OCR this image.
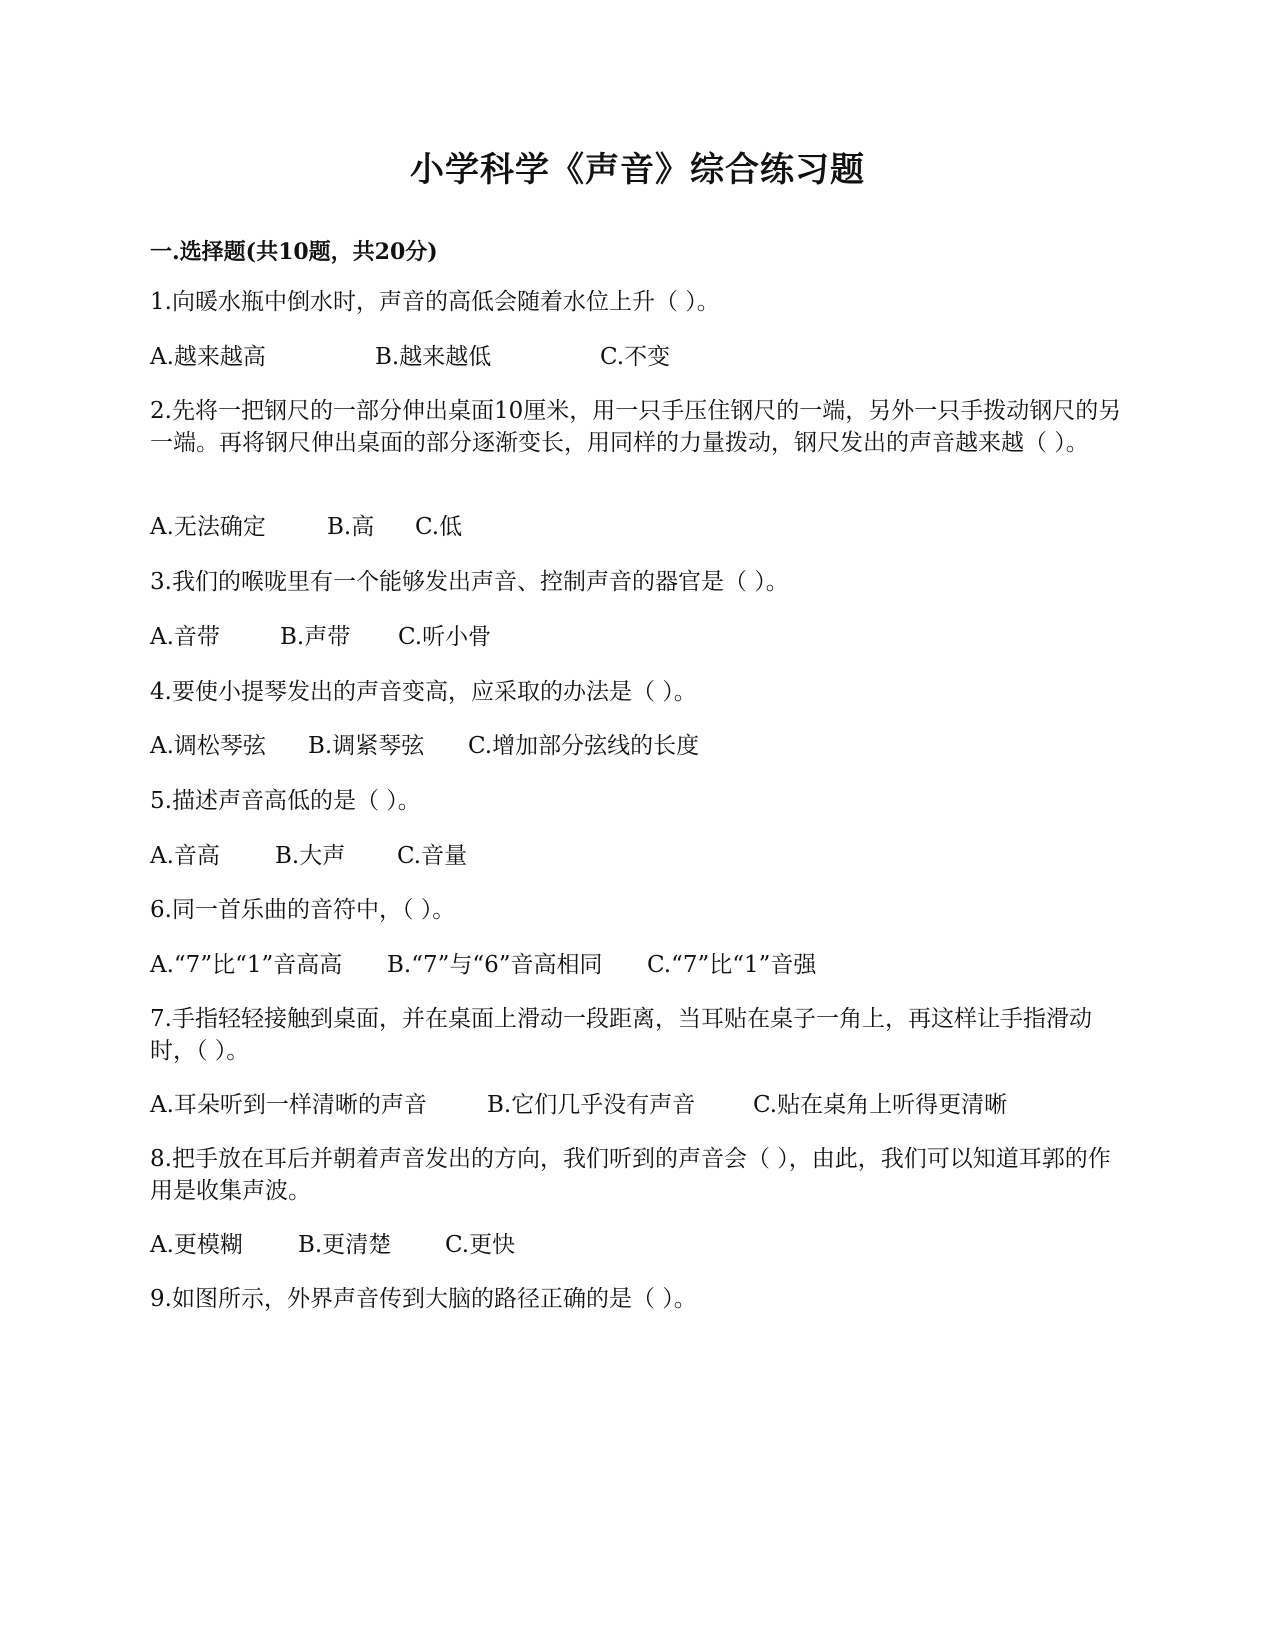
小学科学《声音》综合练习题
一.选择题(共10题，共20分)

1.向暖水瓶中倒水时，声音的高低会随着水位上升（ ）。

A.越来越高	B.越来越低	C.不变

2.先将一把钢尺的一部分伸出桌面10厘米，用一只手压住钢尺的一端，另外一只手拨动钢尺的另一端。再将钢尺伸出桌面的部分逐渐变长，用同样的力量拨动，钢尺发出的声音越来越（ ）。

A.无法确定	B.高 C.低

3.我们的喉咙里有一个能够发出声音、控制声音的器官是（ ）。

A.音带	B.声带 C.听小骨

4.要使小提琴发出的声音变高，应采取的办法是（ ）。

A.调松琴弦 B.调紧琴弦 C.增加部分弦线的长度

5.描述声音高低的是（ ）。

A.音高 B.大声 C.音量

6.同一首乐曲的音符中，（ ）。

A.“7”比“1”音高高 B.“7”与“6”音高相同 C.“7”比“1”音强

7.手指轻轻接触到桌面，并在桌面上滑动一段距离，当耳贴在桌子一角上，再这样让手指滑动时，（ ）。

A.耳朵听到一样清晰的声音	B.它们几乎没有声音	C.贴在桌角上听得更清晰

8.把手放在耳后并朝着声音发出的方向，我们听到的声音会（ ），由此，我们可以知道耳郭的作用是收集声波。

A.更模糊 B.更清楚 C.更快

9.如图所示，外界声音传到大脑的路径正确的是（ ）。
